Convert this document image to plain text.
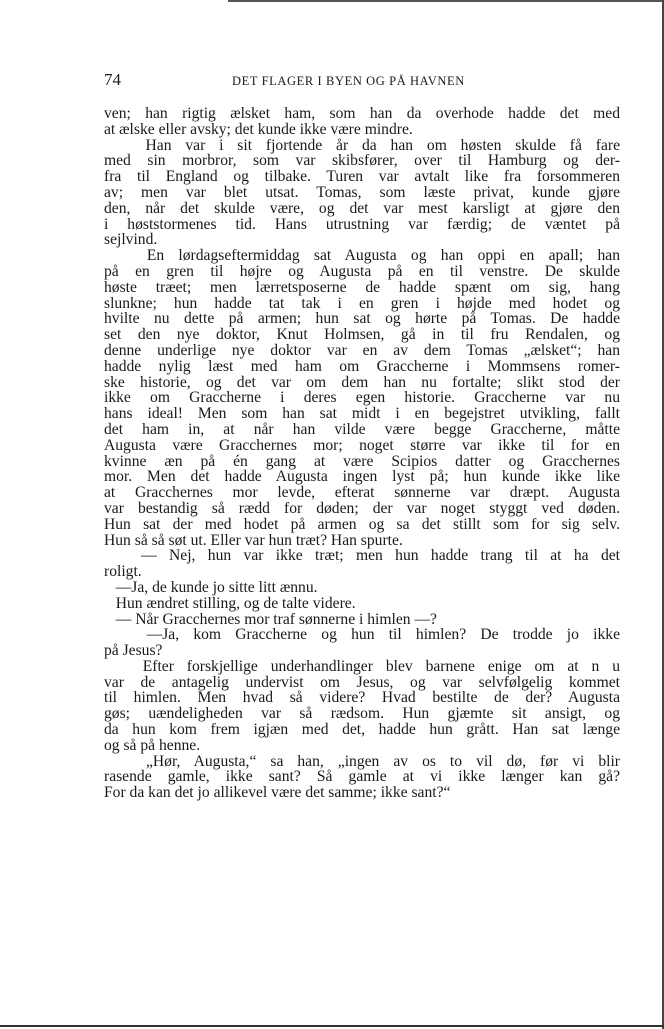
74	DET FLAGER I BYEN OG PÅ HAVNEN
ven; han rigtig ælsket ham, som han da overhode hadde det med
at ælske eller avsky; det kunde ikke være mindre.
Han var i sit fjortende år da han om høsten skulde få fare
med sin morbror, som var skibsfører, over til Hamburg og der-
fra til England og tilbake. Turen var avtalt like fra forsommeren
av; men var blet utsat. Tomas, som læste privat, kunde gjøre
den, når det skulde være, og det var mest karsligt at gjøre den
i høststormenes tid. Hans utrustning var færdig; de væntet på
sejlvind.
En lørdagseftermiddag sat Augusta og han oppi en apall; han
på en gren til højre og Augusta på en til venstre. De skulde
høste træet; men lærretsposerne de hadde spænt om sig, hang
slunkne; hun hadde tat tak i en gren i højde med hodet og
hvilte nu dette på armen; hun sat og hørte på Tomas. De hadde
set den nye doktor, Knut Holmsen, gå in til fru Rendalen, og
denne underlige nye doktor var en av dem Tomas „ælsket“; han
hadde nylig læst med ham om Graccherne i Mommsens romer-
ske historie, og det var om dem han nu fortalte; slikt stod der
ikke om Graccherne i deres egen historie. Graccherne var nu
hans ideal! Men som han sat midt i en begejstret utvikling, fallt
det ham in, at når han vilde være begge Graccherne, måtte
Augusta være Gracchernes mor; noget større var ikke til for en
kvinne æn på én gang at være Scipios datter og Gracchernes
mor. Men det hadde Augusta ingen lyst på; hun kunde ikke like
at Gracchernes mor levde, efterat sønnerne var dræpt. Augusta
var bestandig så rædd for døden; der var noget styggt ved døden.
Hun sat der med hodet på armen og sa det stillt som for sig selv.
Hun så så søt ut. Eller var hun træt? Han spurte.
— Nej, hun var ikke træt; men hun hadde trang til at ha det
roligt.
—Ja, de kunde jo sitte litt ænnu.
Hun ændret stilling, og de talte videre.
— Når Gracchernes mor traf sønnerne i himlen —?
—Ja, kom Graccherne og hun til himlen? De trodde jo ikke
på Jesus?
Efter forskjellige underhandlinger blev barnene enige om at n u
var de antagelig undervist om Jesus, og var selvfølgelig kommet
til himlen. Men hvad så videre? Hvad bestilte de der? Augusta
gøs; uændeligheden var så rædsom. Hun gjæmte sit ansigt, og
da hun kom frem igjæn med det, hadde hun grått. Han sat længe
og så på henne.
„Hør, Augusta,“ sa han, „ingen av os to vil dø, før vi blir
rasende gamle, ikke sant? Så gamle at vi ikke længer kan gå?
For da kan det jo allikevel være det samme; ikke sant?“
